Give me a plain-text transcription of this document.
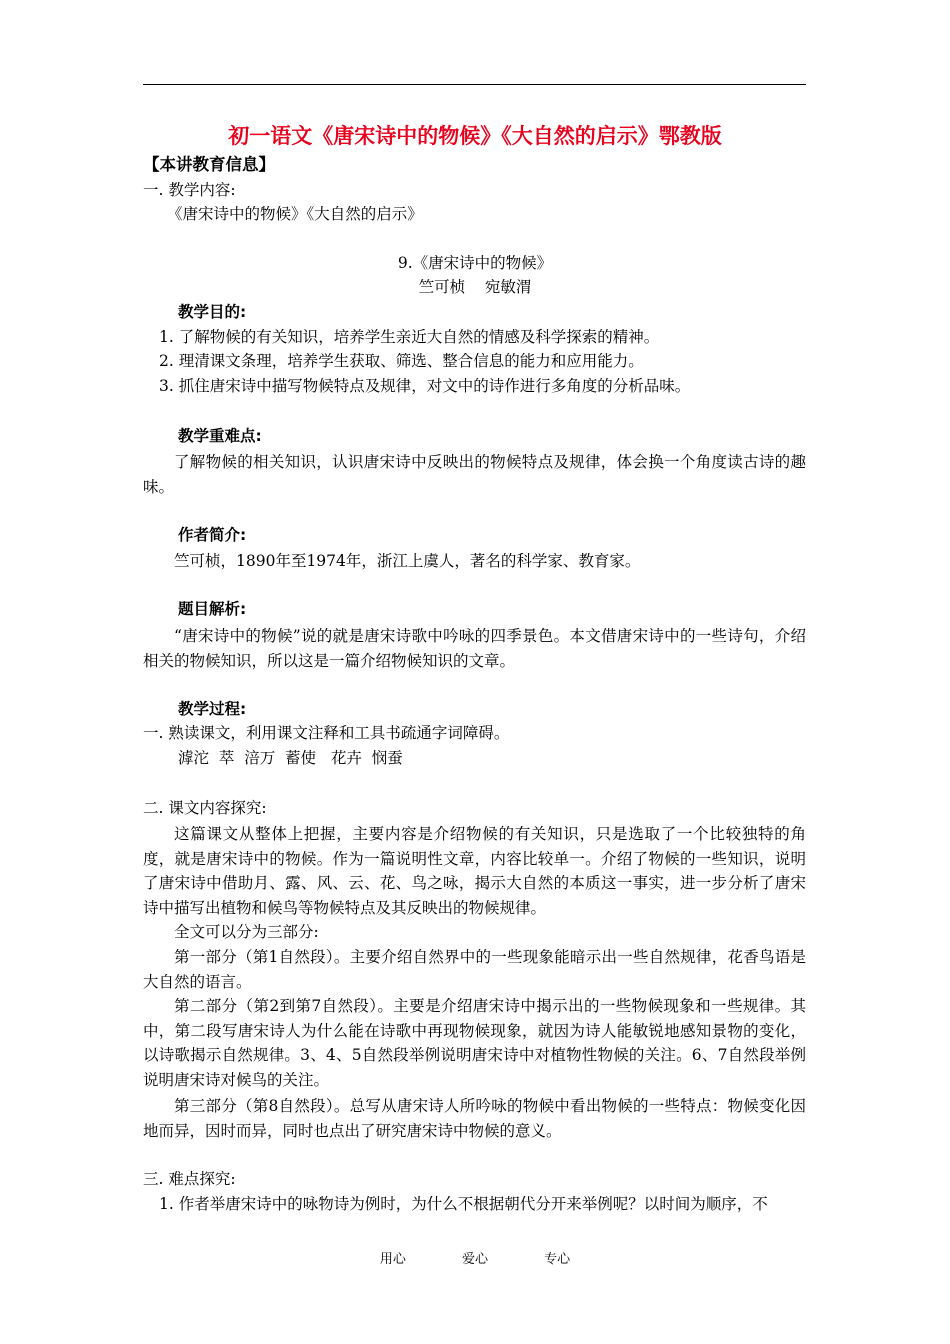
初一语文《唐宋诗中的物候》《大自然的启示》鄂教版
【本讲教育信息】
一. 教学内容:
《唐宋诗中的物候》《大自然的启示》
9.《唐宋诗中的物候》
竺可桢    宛敏渭
教学目的:
1. 了解物候的有关知识，培养学生亲近大自然的情感及科学探索的精神。
2. 理清课文条理，培养学生获取、筛选、整合信息的能力和应用能力。
3. 抓住唐宋诗中描写物候特点及规律，对文中的诗作进行多角度的分析品味。
教学重难点:
了解物候的相关知识，认识唐宋诗中反映出的物候特点及规律，体会换一个角度读古诗的趣味。
作者简介:
竺可桢，1890年至1974年，浙江上虞人，著名的科学家、教育家。
题目解析:
“唐宋诗中的物候”说的就是唐宋诗歌中吟咏的四季景色。本文借唐宋诗中的一些诗句，介绍相关的物候知识，所以这是一篇介绍物候知识的文章。
教学过程:
一. 熟读课文，利用课文注释和工具书疏通字词障碍。
滹沱  萃  涪万  蓄使   花卉  悯蚕
二. 课文内容探究:
这篇课文从整体上把握，主要内容是介绍物候的有关知识，只是选取了一个比较独特的角度，就是唐宋诗中的物候。作为一篇说明性文章，内容比较单一。介绍了物候的一些知识，说明了唐宋诗中借助月、露、风、云、花、鸟之咏，揭示大自然的本质这一事实，进一步分析了唐宋诗中描写出植物和候鸟等物候特点及其反映出的物候规律。
全文可以分为三部分:
第一部分（第1自然段）。主要介绍自然界中的一些现象能暗示出一些自然规律，花香鸟语是大自然的语言。
第二部分（第2到第7自然段）。主要是介绍唐宋诗中揭示出的一些物候现象和一些规律。其中，第二段写唐宋诗人为什么能在诗歌中再现物候现象，就因为诗人能敏锐地感知景物的变化，以诗歌揭示自然规律。3、4、5自然段举例说明唐宋诗中对植物性物候的关注。6、7自然段举例说明唐宋诗对候鸟的关注。
第三部分（第8自然段）。总写从唐宋诗人所吟咏的物候中看出物候的一些特点：物候变化因地而异，因时而异，同时也点出了研究唐宋诗中物候的意义。
三. 难点探究:
1. 作者举唐宋诗中的咏物诗为例时，为什么不根据朝代分开来举例呢？以时间为顺序，不
用心	爱心	专心
